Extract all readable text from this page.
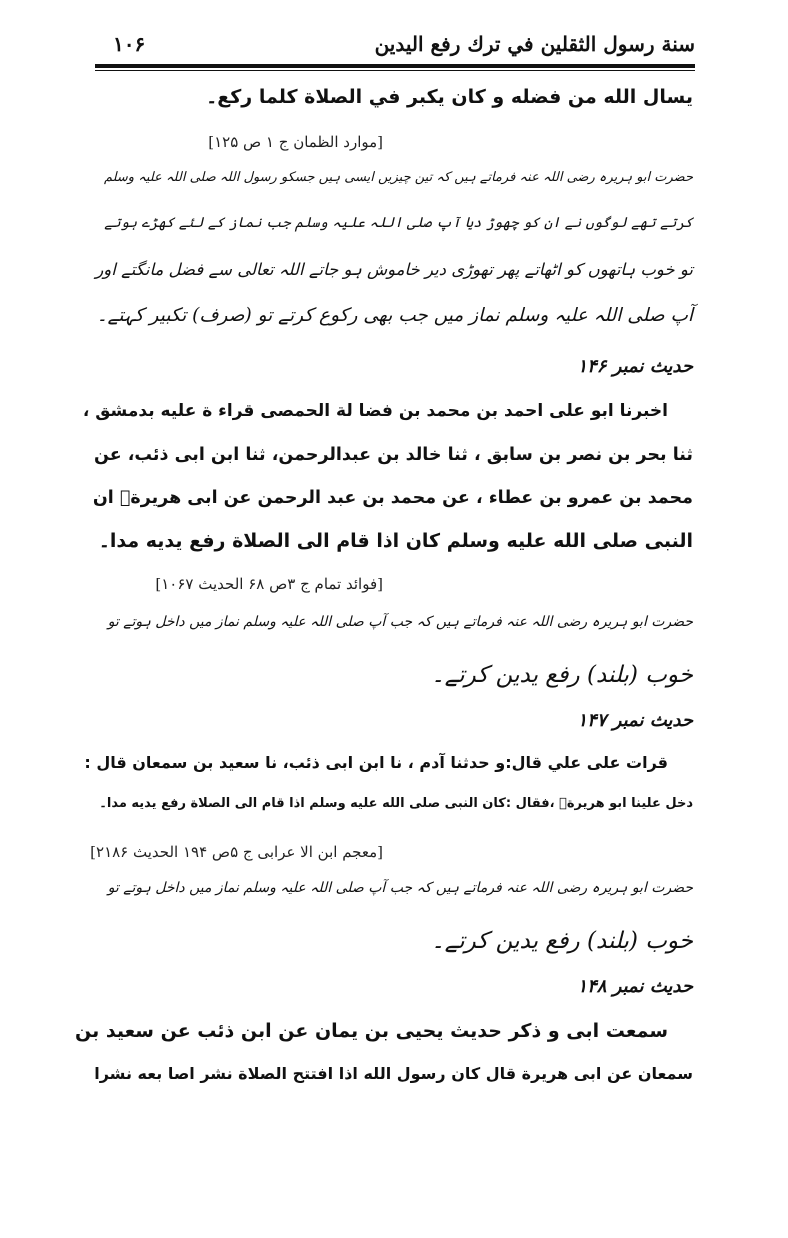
سنة رسول الثقلين في ترك رفع اليدين
۱۰۶
يسال الله من فضله و كان يكبر في الصلاة كلما ركع۔
[موارد الظمان ج ۱ ص ۱۲۵]
حضرت ابو ہریرہ رضی اللہ عنہ فرماتے ہیں کہ تین چیزیں ایسی ہیں جسکو رسول اللہ صلی اللہ علیہ وسلم
کرتے تھے لوگوں نے ان کو چھوڑ دیا آپ صلی اللہ علیہ وسلم جب نماز کے لئے کھڑے ہوتے
تو خوب ہاتھوں کو اٹھاتے پھر تھوڑی دیر خاموش ہو جاتے اللہ تعالی سے فضل مانگتے اور
آپ صلی اللہ علیہ وسلم نماز میں جب بھی رکوع کرتے تو (صرف) تکبیر کہتے۔
حدیث نمبر ۱۴۶
اخبرنا ابو على احمد بن محمد بن فضا لة الحمصى قراء ة عليه بدمشق ،
ثنا بحر بن نصر بن سابق ، ثنا خالد بن عبدالرحمن، ثنا ابن ابى ذئب، عن
محمد بن عمرو بن عطاء ، عن محمد بن عبد الرحمن عن ابى هريرةؓ ان
النبى صلى الله عليه وسلم كان اذا قام الى الصلاة رفع يديه مدا۔
[فوائد تمام ج ۳ص ۶۸ الحديث ۱۰۶۷]
حضرت ابو ہریرہ رضی اللہ عنہ فرماتے ہیں کہ جب آپ صلی اللہ علیہ وسلم نماز میں داخل ہوتے تو
خوب (بلند) رفع یدین کرتے۔
حدیث نمبر ۱۴۷
قرات على علي قال:و حدثنا آدم ، نا ابن ابى ذئب، نا سعيد بن سمعان قال :
دخل علينا ابو هريرةؓ ،فقال :كان النبى صلى الله عليه وسلم اذا قام الى الصلاة رفع يديه مدا۔
[معجم ابن الا عرابى ج ۵ص ۱۹۴ الحديث ۲۱۸۶]
حضرت ابو ہریرہ رضی اللہ عنہ فرماتے ہیں کہ جب آپ صلی اللہ علیہ وسلم نماز میں داخل ہوتے تو
خوب (بلند) رفع یدین کرتے۔
حدیث نمبر ۱۴۸
سمعت ابى و ذكر حديث يحيى بن يمان عن ابن ذئب عن سعيد بن
سمعان عن ابى هريرة قال كان رسول الله اذا افتتح الصلاة نشر اصا بعه نشرا
